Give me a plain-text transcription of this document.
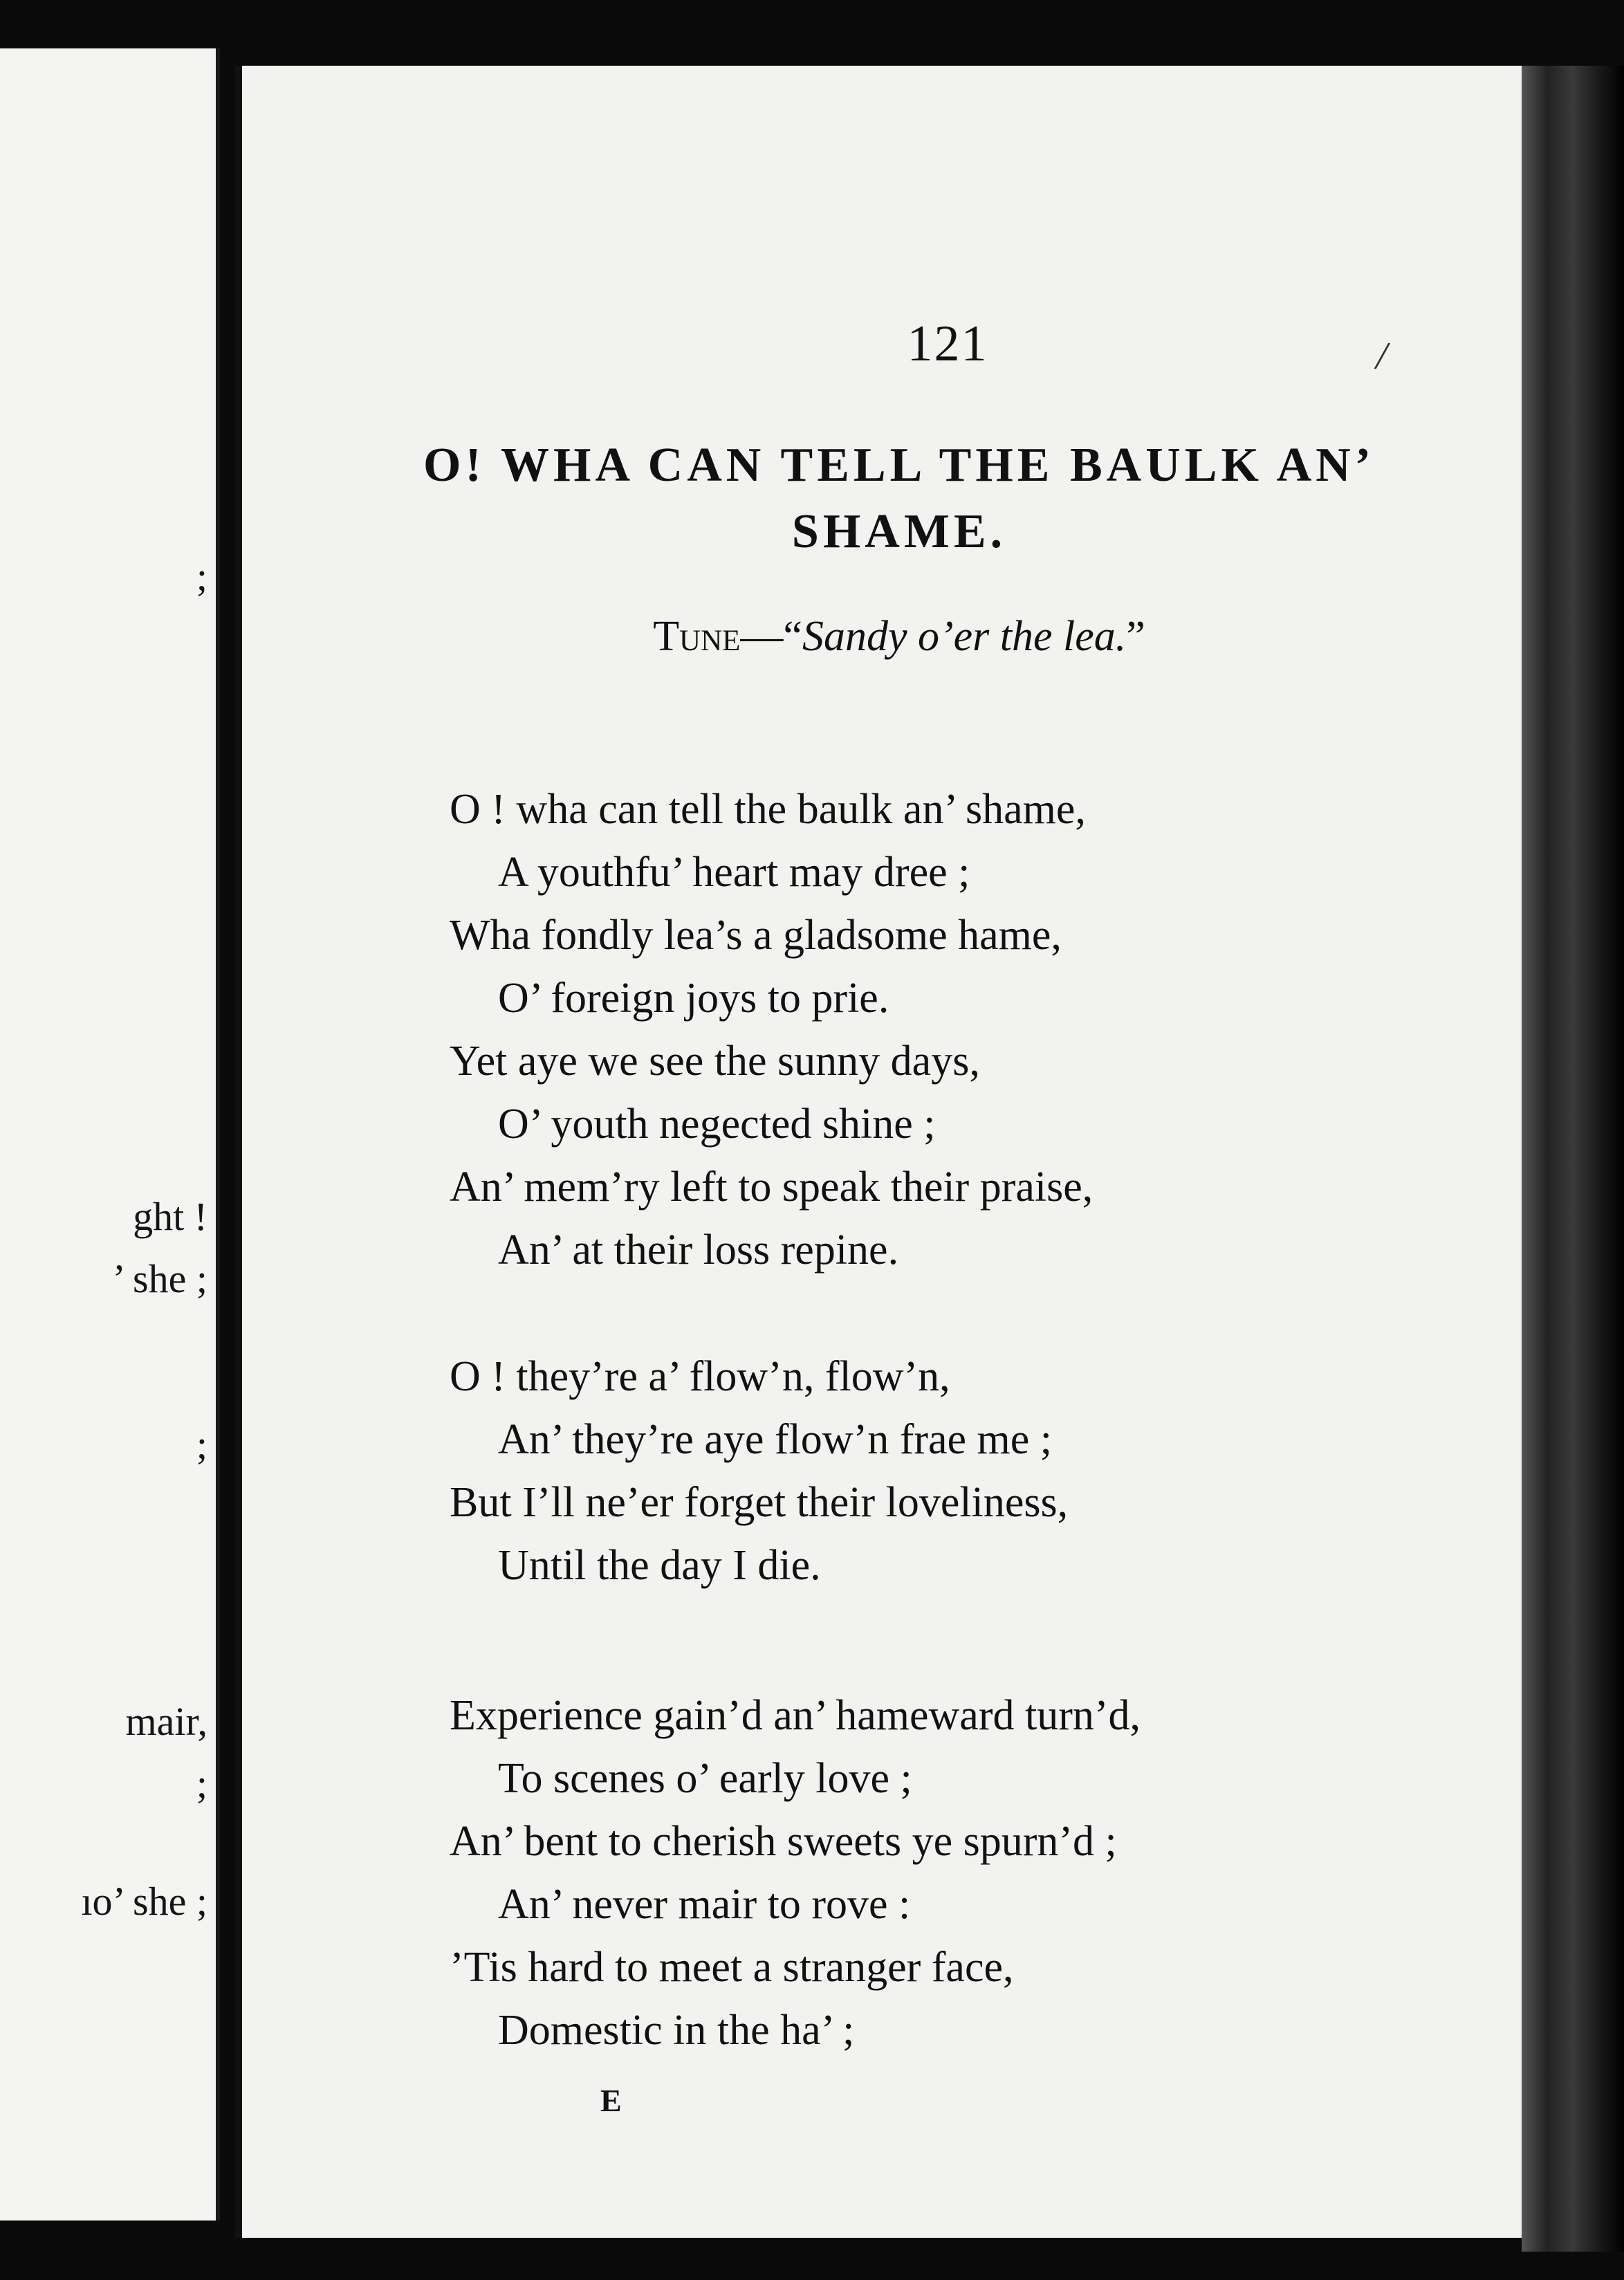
;
ght !
’ she ;
;
mair,
;
ıo’ she ;
121	/
O! WHA CAN TELL THE BAULK AN’ SHAME.
Tune—“Sandy o’er the lea.”
O ! wha can tell the baulk an’ shame,
A youthfu’ heart may dree ;
Wha fondly lea’s a gladsome hame,
O’ foreign joys to prie.
Yet aye we see the sunny days,
O’ youth negected shine ;
An’ mem’ry left to speak their praise,
An’ at their loss repine.
O ! they’re a’ flow’n, flow’n,
An’ they’re aye flow’n frae me ;
But I’ll ne’er forget their loveliness,
Until the day I die.
Experience gain’d an’ hameward turn’d,
To scenes o’ early love ;
An’ bent to cherish sweets ye spurn’d ;
An’ never mair to rove :
’Tis hard to meet a stranger face,
Domestic in the ha’ ;
E
